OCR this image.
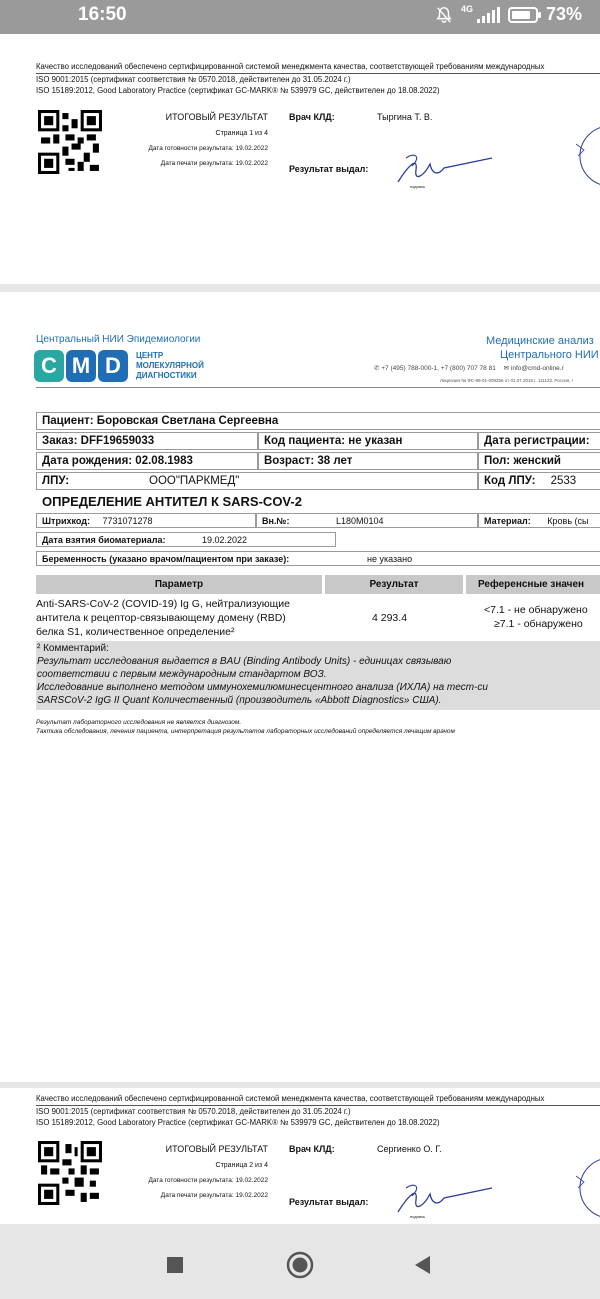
16:50	4G	73%
Качество исследований обеспечено сертифицированной системой менеджмента качества, соответствующей требованиям международных
ISO 9001:2015 (сертификат соответствия № 0570.2018, действителен до 31.05.2024 г.)
ISO 15189:2012, Good Laboratory Practice (сертификат GC-MARK® № 539979 GC, действителен до 18.08.2022)
ИТОГОВЫЙ РЕЗУЛЬТАТ
Страница 1 из 4
Дата готовности результата: 19.02.2022
Дата печати результата: 19.02.2022
Врач КЛД:	Тыргина Т. В.
Результат выдал:
подпись
Центральный НИИ Эпидемиологии
C M D	ЦЕНТР
МОЛЕКУЛЯРНОЙ
ДИАГНОСТИКИ
Медицинские анализ
Центрального НИИ
✆ +7 (495) 788-000-1, +7 (800) 707 78 81 ✉ info@cmd-online.r
Лицензия № ФС-99-01-009256 от 01.07.2016 г. 111123, Россия, г
Пациент: Боровская Светлана Сергеевна
Заказ: DFF19659033	Код пациента: не указан	Дата регистрации:
Дата рождения: 02.08.1983	Возраст: 38 лет	Пол: женский
ЛПУ:	ООО"ПАРКМЕД"	Код ЛПУ: 2533
ОПРЕДЕЛЕНИЕ АНТИТЕЛ К SARS-COV-2
Штрихкод: 7731071278	Вн.№:	L180M0104	Материал: Кровь (сы
Дата взятия биоматериала:	19.02.2022
Беременность (указано врачом/пациентом при заказе):	не указано
Параметр	Результат	Референсные значен
Anti-SARS-CoV-2 (COVID-19) Ig G, нейтрализующие
антитела к рецептор-связывающему домену (RBD)
белка S1, количественное определение²
4 293.4
<7.1 - не обнаружено
≥7.1 - обнаружено
² Комментарий:
Результат исследования выдается в BAU (Binding Antibody Units) - единицах связываю
соответствии с первым международным стандартом ВОЗ.
Исследование выполнено методом иммунохемилюминесцентного анализа (ИХЛА) на тест-си
SARSCoV-2 IgG II Quant Количественный (производитель «Abbott Diagnostics» США).
Результат лабораторного исследования не является диагнозом.
Тактика обследования, лечения пациента, интерпретация результатов лабораторных исследований определяется лечащим врачом
Качество исследований обеспечено сертифицированной системой менеджмента качества, соответствующей требованиям международных
ISO 9001:2015 (сертификат соответствия № 0570.2018, действителен до 31.05.2024 г.)
ISO 15189:2012, Good Laboratory Practice (сертификат GC-MARK® № 539979 GC, действителен до 18.08.2022)
ИТОГОВЫЙ РЕЗУЛЬТАТ
Страница 2 из 4
Дата готовности результата: 19.02.2022
Дата печати результата: 19.02.2022
Врач КЛД:	Сергиенко О. Г.
Результат выдал:
подпись
